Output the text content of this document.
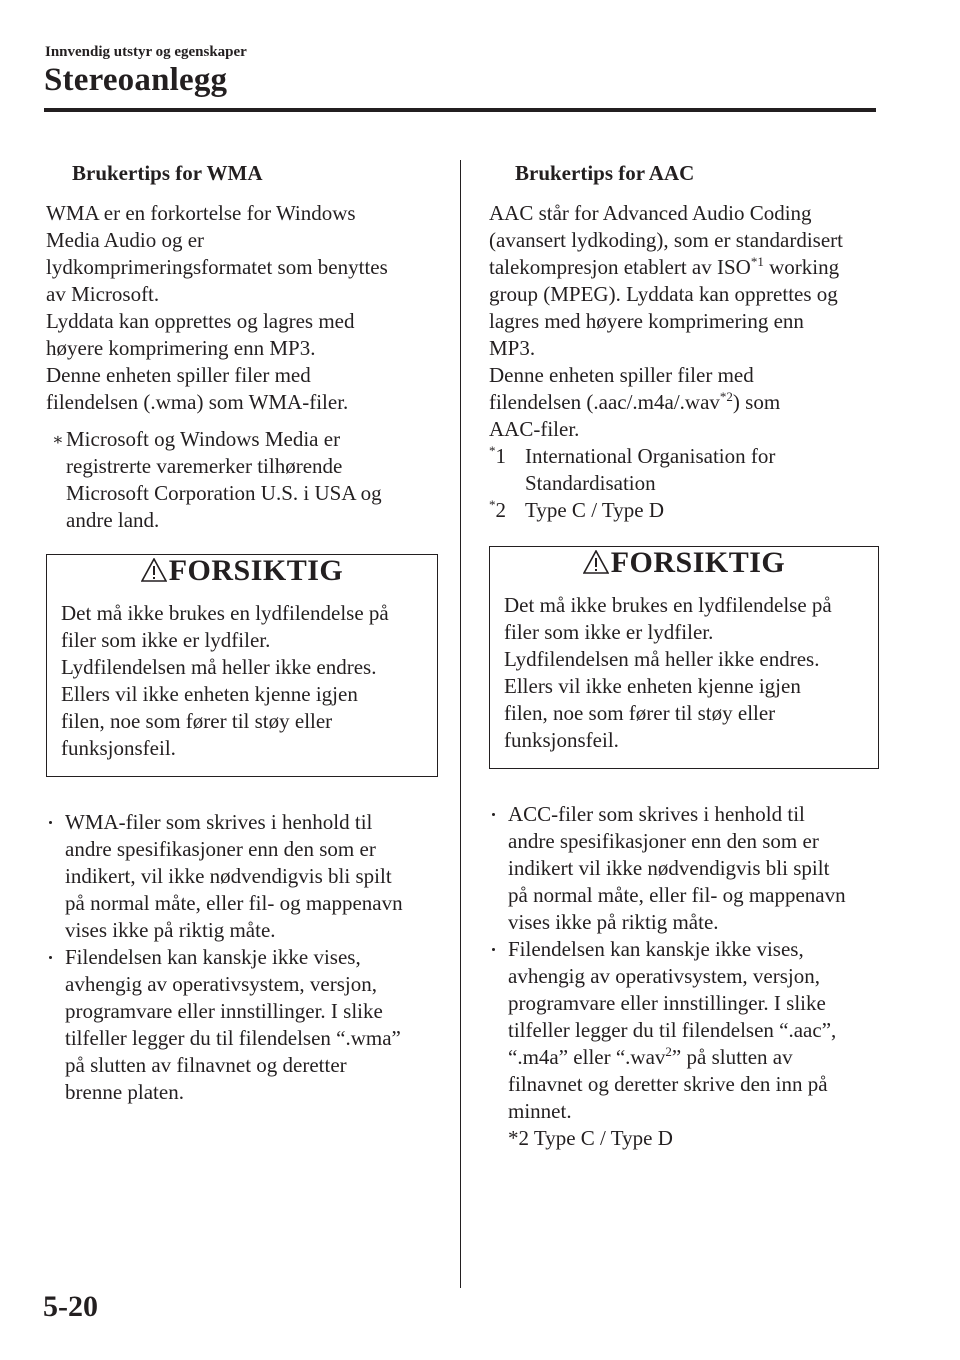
Innvendig utstyr og egenskaper
Stereoanlegg
Brukertips for WMA

WMA er en forkortelse for Windows

Media Audio og er

lydkomprimeringsformatet som benyttes

av Microsoft.

Lyddata kan opprettes og lagres med

høyere komprimering enn MP3.

Denne enheten spiller filer med

filendelsen (.wma) som WMA-filer.

∗ Microsoft og Windows Media er

registrerte varemerker tilhørende

Microsoft Corporation U.S. i USA og

andre land.

FORSIKTIG

Det må ikke brukes en lydfilendelse på

filer som ikke er lydfiler.

Lydfilendelsen må heller ikke endres.

Ellers vil ikke enheten kjenne igjen

filen, noe som fører til støy eller

funksjonsfeil.

WMA-filer som skrives i henhold til

andre spesifikasjoner enn den som er

indikert, vil ikke nødvendigvis bli spilt

på normal måte, eller fil- og mappenavn

vises ikke på riktig måte.

Filendelsen kan kanskje ikke vises,

avhengig av operativsystem, versjon,

programvare eller innstillinger. I slike

tilfeller legger du til filendelsen “.wma”

på slutten av filnavnet og deretter

brenne platen.

Brukertips for AAC

AAC står for Advanced Audio Coding

(avansert lydkoding), som er standardisert

talekompresjon etablert av ISO$^{*1}$ working

group (MPEG). Lyddata kan opprettes og

lagres med høyere komprimering enn

MP3.

Denne enheten spiller filer med

filendelsen (.aac/.m4a/.wav$^{*2}$) som

AAC-filer.

*1 International Organisation for

Standardisation

*2 Type C / Type D

FORSIKTIG

Det må ikke brukes en lydfilendelse på

filer som ikke er lydfiler.

Lydfilendelsen må heller ikke endres.

Ellers vil ikke enheten kjenne igjen

filen, noe som fører til støy eller

funksjonsfeil.

ACC-filer som skrives i henhold til

andre spesifikasjoner enn den som er

indikert vil ikke nødvendigvis bli spilt

på normal måte, eller fil- og mappenavn

vises ikke på riktig måte.

Filendelsen kan kanskje ikke vises,

avhengig av operativsystem, versjon,

programvare eller innstillinger. I slike

tilfeller legger du til filendelsen “.aac”,

“.m4a” eller “.wav$^2$” på slutten av

filnavnet og deretter skrive den inn på

minnet.

*2 Type C / Type D

5-20
